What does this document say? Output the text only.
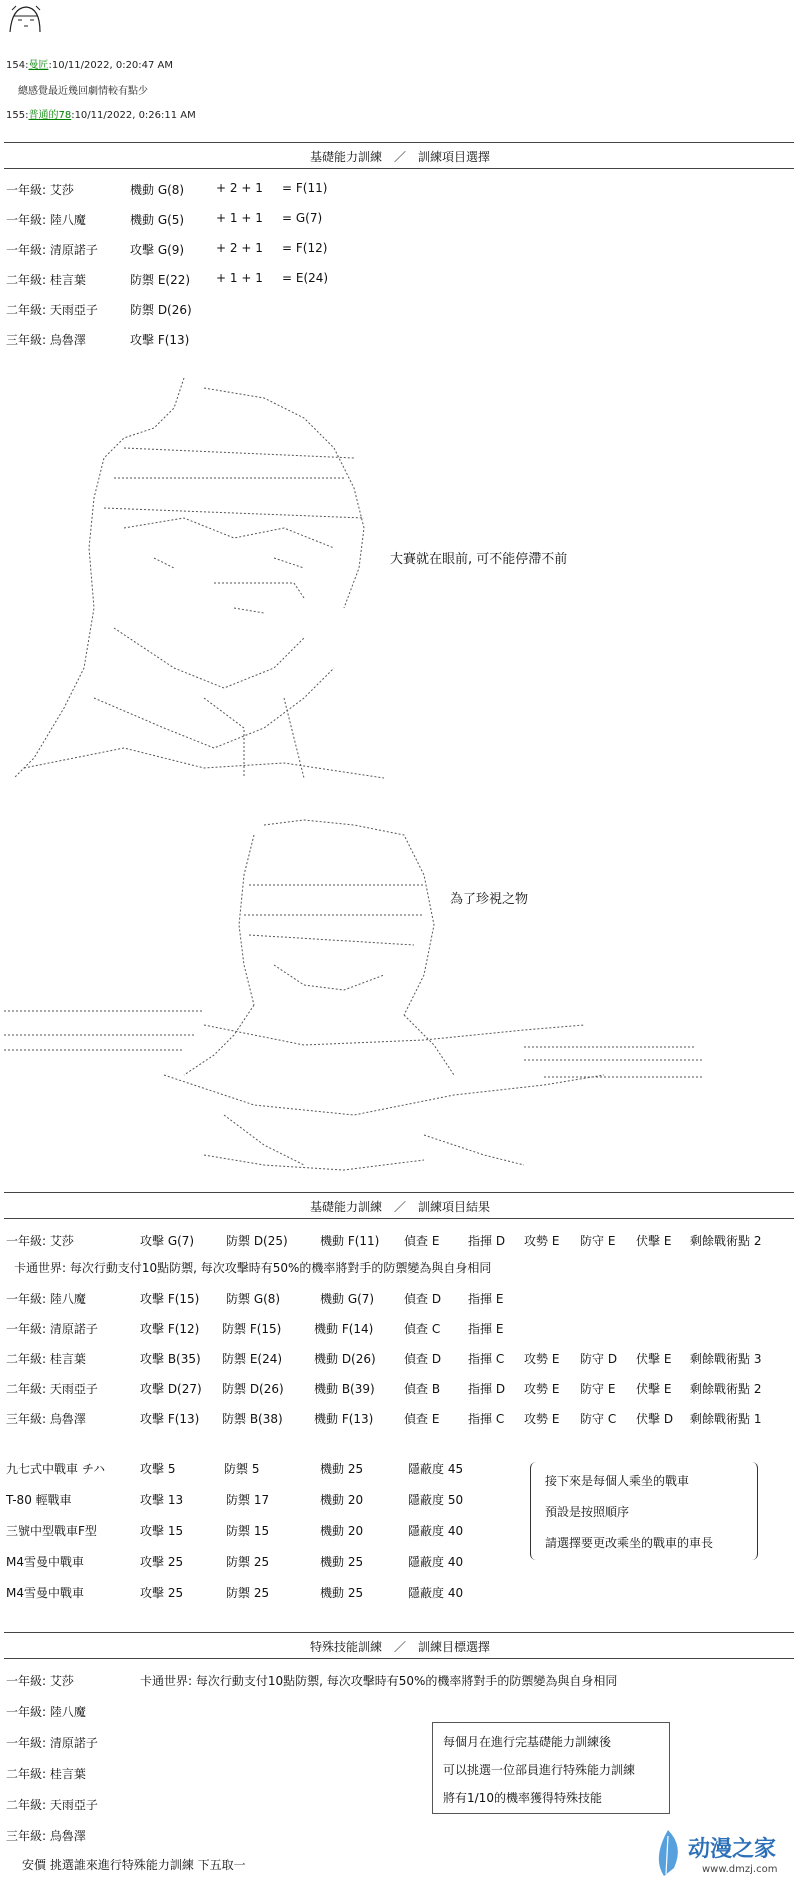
154:曼匠:10/11/2022, 0:20:47 AM
總感覺最近幾回劇情較有點少
155:普通的78:10/11/2022, 0:26:11 AM
基礎能力訓練　／　訓練項目選擇
一年級: 艾莎	機動 G(8)	+ 2 + 1 = F(11)
一年級: 陸八魔	機動 G(5)	+ 1 + 1 = G(7)
一年級: 清原諾子	攻擊 G(9)	+ 2 + 1 = F(12)
二年級: 桂言葉	防禦 E(22) + 1 + 1 = E(24)
二年級: 天雨亞子	防禦 D(26)
三年級: 烏魯澤	攻擊 F(13)
大賽就在眼前, 可不能停滯不前
為了珍視之物
基礎能力訓練　／　訓練項目結果
一年級: 艾莎	攻擊 G(7)	防禦 D(25)	機動 F(11) 偵查 E 指揮 D 攻勢 E 防守 E 伏擊 E 剩餘戰術點 2
卡通世界: 每次行動支付10點防禦, 每次攻擊時有50%的機率將對手的防禦變為與自身相同
一年級: 陸八魔	攻擊 F(15) 防禦 G(8)	機動 G(7) 偵查 D 指揮 E
一年級: 清原諾子	攻擊 F(12) 防禦 F(15)	機動 F(14)	偵查 C 指揮 E
二年級: 桂言葉	攻擊 B(35) 防禦 E(24)	機動 D(26) 偵查 D 指揮 C 攻勢 E 防守 D 伏擊 E 剩餘戰術點 3
二年級: 天雨亞子	攻擊 D(27) 防禦 D(26)	機動 B(39) 偵查 B 指揮 D 攻勢 E 防守 E 伏擊 E 剩餘戰術點 2
三年級: 烏魯澤	攻擊 F(13) 防禦 B(38)	機動 F(13)	偵查 E 指揮 C 攻勢 E 防守 C 伏擊 D 剩餘戰術點 1
九七式中戰車 チハ	攻擊 5	防禦 5	機動 25	隱蔽度 45
T-80 輕戰車	攻擊 13	防禦 17	機動 20	隱蔽度 50
三號中型戰車F型	攻擊 15	防禦 15	機動 20	隱蔽度 40
M4雪曼中戰車	攻擊 25	防禦 25	機動 25	隱蔽度 40
M4雪曼中戰車	攻擊 25	防禦 25	機動 25	隱蔽度 40
接下來是每個人乘坐的戰車
預設是按照順序
請選擇要更改乘坐的戰車的車長
特殊技能訓練　／　訓練目標選擇
一年級: 艾莎	卡通世界: 每次行動支付10點防禦, 每次攻擊時有50%的機率將對手的防禦變為與自身相同
一年級: 陸八魔
一年級: 清原諾子
二年級: 桂言葉
二年級: 天雨亞子
三年級: 烏魯澤
每個月在進行完基礎能力訓練後
可以挑選一位部員進行特殊能力訓練
將有1/10的機率獲得特殊技能
安價 挑選誰來進行特殊能力訓練 下五取一
动漫之家
www.dmzj.com
